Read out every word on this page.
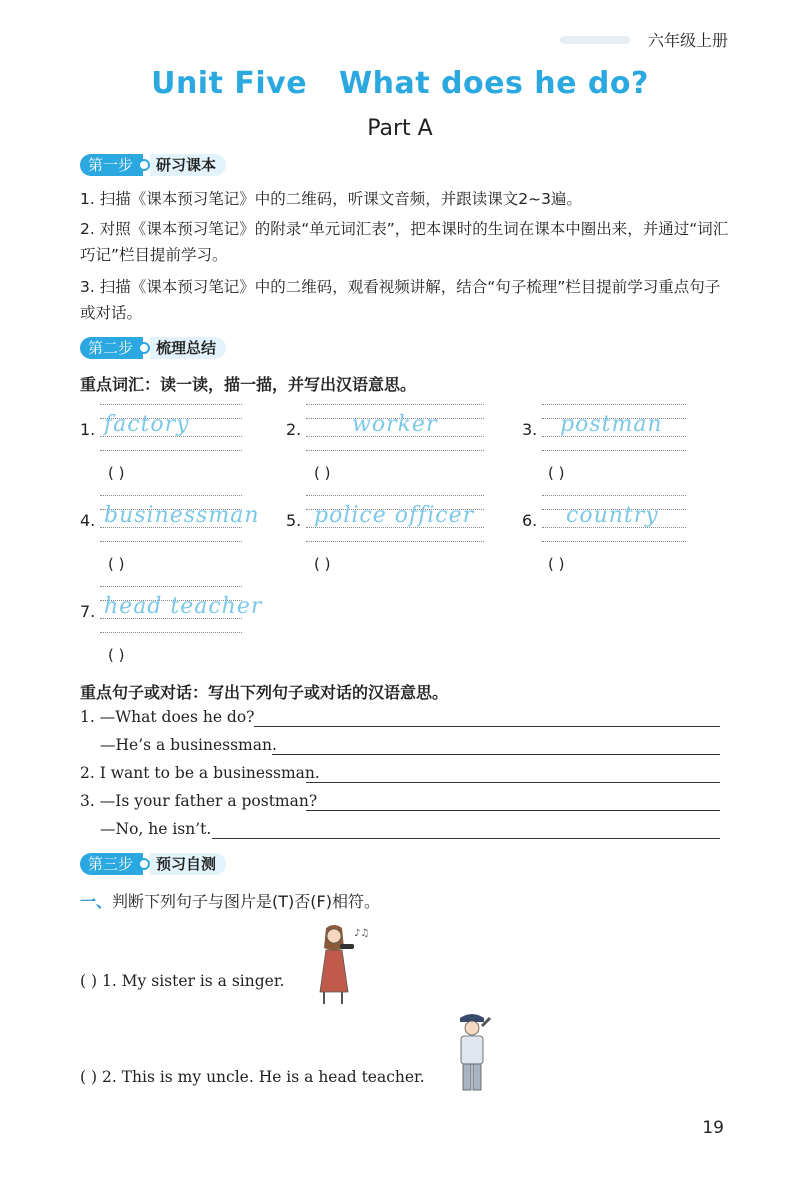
六年级上册
Unit Five What does he do?
Part A
第一步	研习课本
1. 扫描《课本预习笔记》中的二维码，听课文音频，并跟读课文2~3遍。
2. 对照《课本预习笔记》的附录“单元词汇表”，把本课时的生词在课本中圈出来，并通过“词汇巧记”栏目提前学习。
3. 扫描《课本预习笔记》中的二维码，观看视频讲解，结合“句子梳理”栏目提前学习重点句子或对话。
第二步	梳理总结
重点词汇：读一读，描一描，并写出汉语意思。
1. factory
( )
2. worker
( )
3. postman
( )
4. businessman
( )
5. police officer
( )
6. country
( )
7. head teacher
( )
重点句子或对话：写出下列句子或对话的汉语意思。
1. —What does he do?
—He’s a businessman.
2. I want to be a businessman.
3. —Is your father a postman?
—No, he isn’t.
第三步	预习自测
一、判断下列句子与图片是(T)否(F)相符。
( ) 1. My sister is a singer.
( ) 2. This is my uncle. He is a head teacher.
♪♫
19
